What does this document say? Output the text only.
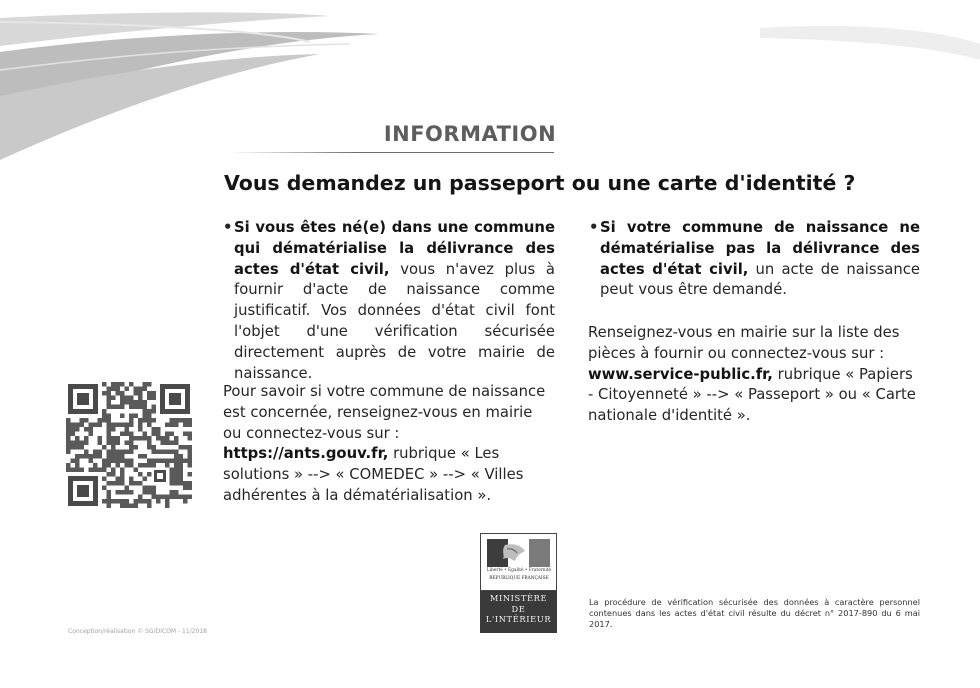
INFORMATION
Vous demandez un passeport ou une carte d'identité ?
• Si vous êtes né(e) dans une commune qui dématérialise la délivrance des actes d'état civil, vous n'avez plus à fournir d'acte de naissance comme justificatif. Vos données d'état civil font l'objet d'une vérification sécurisée directement auprès de votre mairie de naissance.

Pour savoir si votre commune de naissance est concernée, renseignez-vous en mairie ou connectez-vous sur :
https://ants.gouv.fr, rubrique « Les solutions » --> « COMEDEC » --> « Villes adhérentes à la dématérialisation ».

• Si votre commune de naissance ne dématérialise pas la délivrance des actes d'état civil, un acte de naissance peut vous être demandé.

Renseignez-vous en mairie sur la liste des pièces à fournir ou connectez-vous sur :
www.service-public.fr, rubrique « Papiers - Citoyenneté » --> « Passeport » ou « Carte nationale d'identité ».

Liberté • Égalité • Fraternité
RÉPUBLIQUE FRANÇAISE
MINISTÈRE
DE
L'INTÉRIEUR
La procédure de vérification sécurisée des données à caractère personnel contenues dans les actes d'état civil résulte du décret n° 2017-890 du 6 mai 2017.
Conception/réalisation © SG/DICOM - 11/2018
